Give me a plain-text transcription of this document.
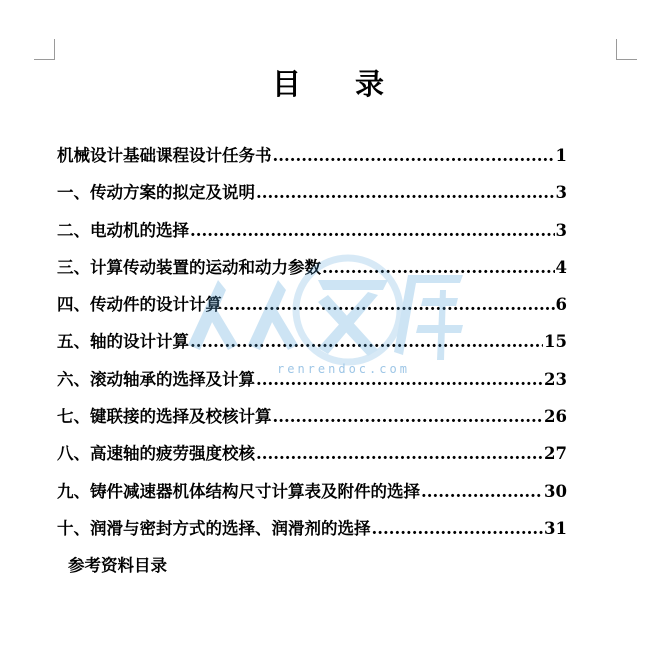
目 录
机械设计基础课程设计任务书 .....	1
一、传动方案的拟定及说明 .....	3
二、电动机的选择 .....	3
三、计算传动装置的运动和动力参数 .....	4
四、传动件的设计计算 .....	6
五、轴的设计计算 .....	15
六、滚动轴承的选择及计算 .....	23
七、键联接的选择及校核计算 .....	26
八、高速轴的疲劳强度校核 .....	27
九、铸件减速器机体结构尺寸计算表及附件的选择 .....	30
十、润滑与密封方式的选择、润滑剂的选择 .....	31
参考资料目录
renrendoc.com
